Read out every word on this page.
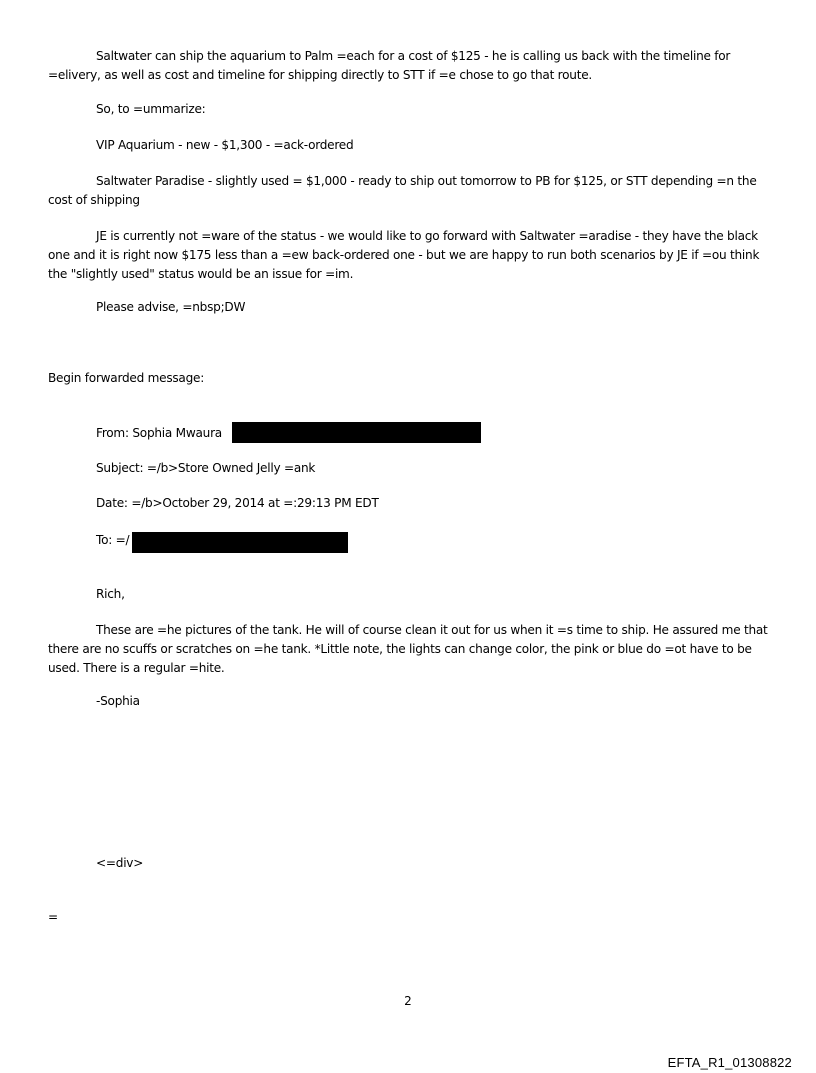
Saltwater can ship the aquarium to Palm =each for a cost of $125 - he is calling us back with the timeline for =elivery, as well as cost and timeline for shipping directly to STT if =e chose to go that route.

So, to =ummarize:
VIP Aquarium - new - $1,300 - =ack-ordered

Saltwater Paradise - slightly used = $1,000 - ready to ship out tomorrow to PB for $125, or STT depending =n the cost of shipping

JE is currently not =ware of the status - we would like to go forward with Saltwater =aradise - they have the black one and it is right now $175 less than a =ew back-ordered one - but we are happy to run both scenarios by JE if =ou think the "slightly used" status would be an issue for =im.

Please advise, =nbsp;DW
Begin forwarded message:
From: Sophia Mwaura
Subject: =/b>Store Owned Jelly =ank
Date: =/b>October 29, 2014 at =:29:13 PM EDT
To: =/
Rich,

These are =he pictures of the tank. He will of course clean it out for us when it =s time to ship. He assured me that there are no scuffs or scratches on =he tank. *Little note, the lights can change color, the pink or blue do =ot have to be used. There is a regular =hite.

-Sophia
<=div>
=
2
EFTA_R1_01308822
